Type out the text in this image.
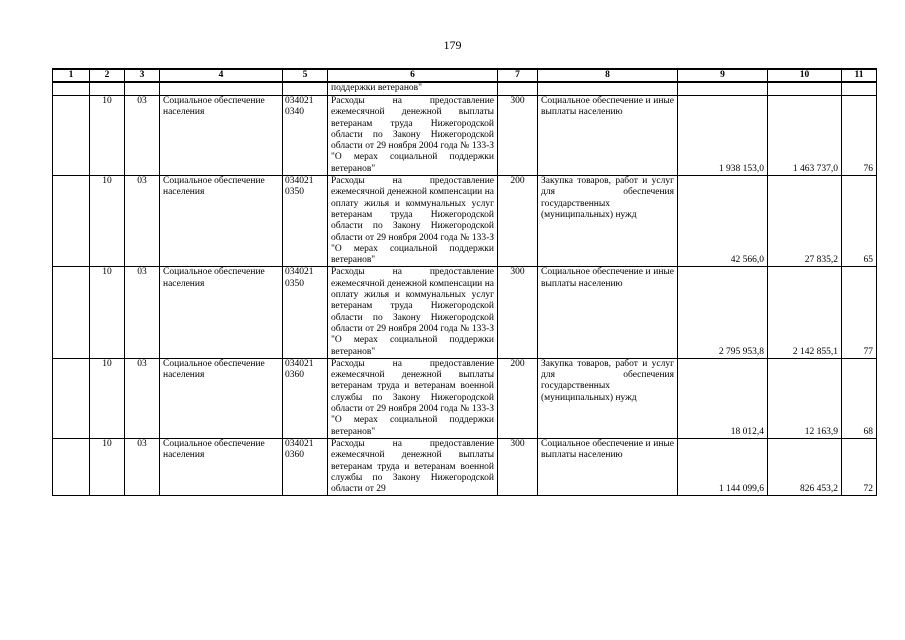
179
1	2	3	4	5	6	7	8	9	10	11
					поддержки ветеранов"					
	10	03	Социальное обеспечение населения	034021 0340	Расходы на предоставление ежемесячной денежной выплаты ветеранам труда Нижегородской области по Закону Нижегородской области от 29 ноября 2004 года № 133-З "О мерах социальной поддержки ветеранов"	300	Социальное обеспечение и иные выплаты населению	1 938 153,0	1 463 737,0	76
	10	03	Социальное обеспечение населения	034021 0350	Расходы на предоставление ежемесячной денежной компенсации на оплату жилья и коммунальных услуг ветеранам труда Нижегородской области по Закону Нижегородской области от 29 ноября 2004 года № 133-З "О мерах социальной поддержки ветеранов"	200	Закупка товаров, работ и услуг для обеспечения государственных (муниципальных) нужд	42 566,0	27 835,2	65
	10	03	Социальное обеспечение населения	034021 0350	Расходы на предоставление ежемесячной денежной компенсации на оплату жилья и коммунальных услуг ветеранам труда Нижегородской области по Закону Нижегородской области от 29 ноября 2004 года № 133-З "О мерах социальной поддержки ветеранов"	300	Социальное обеспечение и иные выплаты населению	2 795 953,8	2 142 855,1	77
	10	03	Социальное обеспечение населения	034021 0360	Расходы на предоставление ежемесячной денежной выплаты ветеранам труда и ветеранам военной службы по Закону Нижегородской области от 29 ноября 2004 года № 133-З "О мерах социальной поддержки ветеранов"	200	Закупка товаров, работ и услуг для обеспечения государственных (муниципальных) нужд	18 012,4	12 163,9	68
	10	03	Социальное обеспечение населения	034021 0360	Расходы на предоставление ежемесячной денежной выплаты ветеранам труда и ветеранам военной службы по Закону Нижегородской области от 29	300	Социальное обеспечение и иные выплаты населению	1 144 099,6	826 453,2	72
